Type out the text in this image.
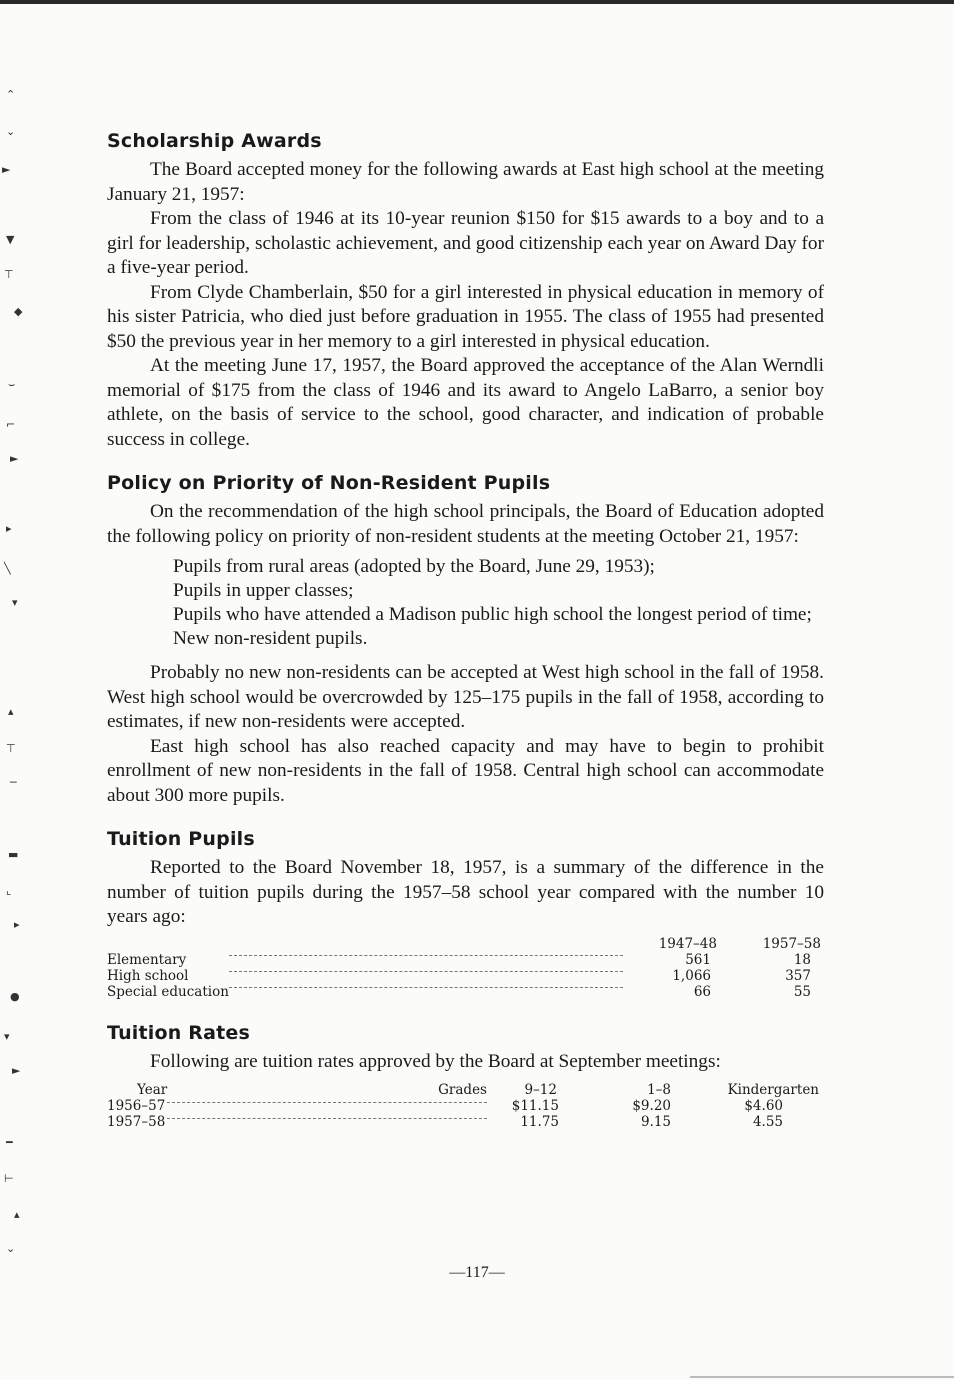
⌃
⌄
►
▼
⊤
◆
⌣
⌐
►
▸
╲
▾
▴
⊤
─
▬
⌞
▸
●
▾
►
━
⊢
▴
⌄
Scholarship Awards

The Board accepted money for the following awards at East high school at the meeting January 21, 1957:

From the class of 1946 at its 10-year reunion $150 for $15 awards to a boy and to a girl for leadership, scholastic achievement, and good citizenship each year on Award Day for a five-year period.

From Clyde Chamberlain, $50 for a girl interested in physical education in memory of his sister Patricia, who died just before graduation in 1955. The class of 1955 had presented $50 the previous year in her memory to a girl interested in physical education.

At the meeting June 17, 1957, the Board approved the acceptance of the Alan Werndli memorial of $175 from the class of 1946 and its award to Angelo LaBarro, a senior boy athlete, on the basis of service to the school, good character, and indication of probable success in college.

Policy on Priority of Non-Resident Pupils

On the recommendation of the high school principals, the Board of Education adopted the following policy on priority of non-resident students at the meeting October 21, 1957:

Pupils from rural areas (adopted by the Board, June 29, 1953);
Pupils in upper classes;
Pupils who have attended a Madison public high school the longest period of time;
New non-resident pupils.

Probably no new non-residents can be accepted at West high school in the fall of 1958. West high school would be overcrowded by 125–175 pupils in the fall of 1958, according to estimates, if new non-residents were accepted.

East high school has also reached capacity and may have to begin to prohibit enrollment of new non-residents in the fall of 1958. Central high school can accommodate about 300 more pupils.

Tuition Pupils

Reported to the Board November 18, 1957, is a summary of the difference in the number of tuition pupils during the 1957–58 school year compared with the number 10 years ago:

		1947–48	1957–58
Elementary		561	18
High school		1,066	357
Special education		66	55
Tuition Rates

Following are tuition rates approved by the Board at September meetings:

Year	Grades	9–12	1–8	Kindergarten
1956–57		$11.15	$9.20	$4.60
1957–58		11.75	9.15	4.55
—117—
